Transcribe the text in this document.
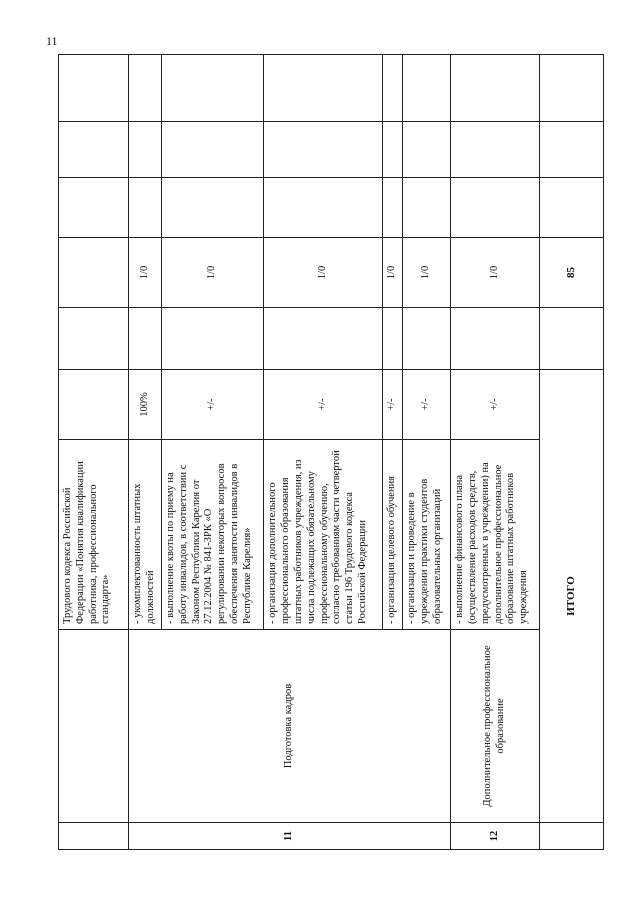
11
		Трудового кодекса Российской Федерации «Понятия квалификации работника, профессионального стандарта»						
11	Подготовка кадров	- укомплектованность штатных должностей	100%		1/0			
		- выполнение квоты по приему на работу инвалидов, в соответствии с Законом Республики Карелия от 27.12.2004 № 841-ЗРК «О регулировании некоторых вопросов обеспечения занятости инвалидов в Республике Карелия»	+/-		1/0			
		- организация дополнительного профессионального образования штатных работников учреждения, из числа подлежащих обязательному профессиональному обучению, согласно требованиям части четвертой статьи 196 Трудового кодекса Российской Федерации	+/-		1/0			
		- организация целевого обучения	+/-		1/0			
		- организация и проведение в учреждении практики студентов образовательных организаций	+/-		1/0			
12	Дополнительное профессиональное образование	- выполнение финансового плана (осуществление расходов средств, предусмотренных в учреждении) на дополнительное профессиональное образование штатных работников учреждения	+/-		1/0			
	ИТОГО				85			
